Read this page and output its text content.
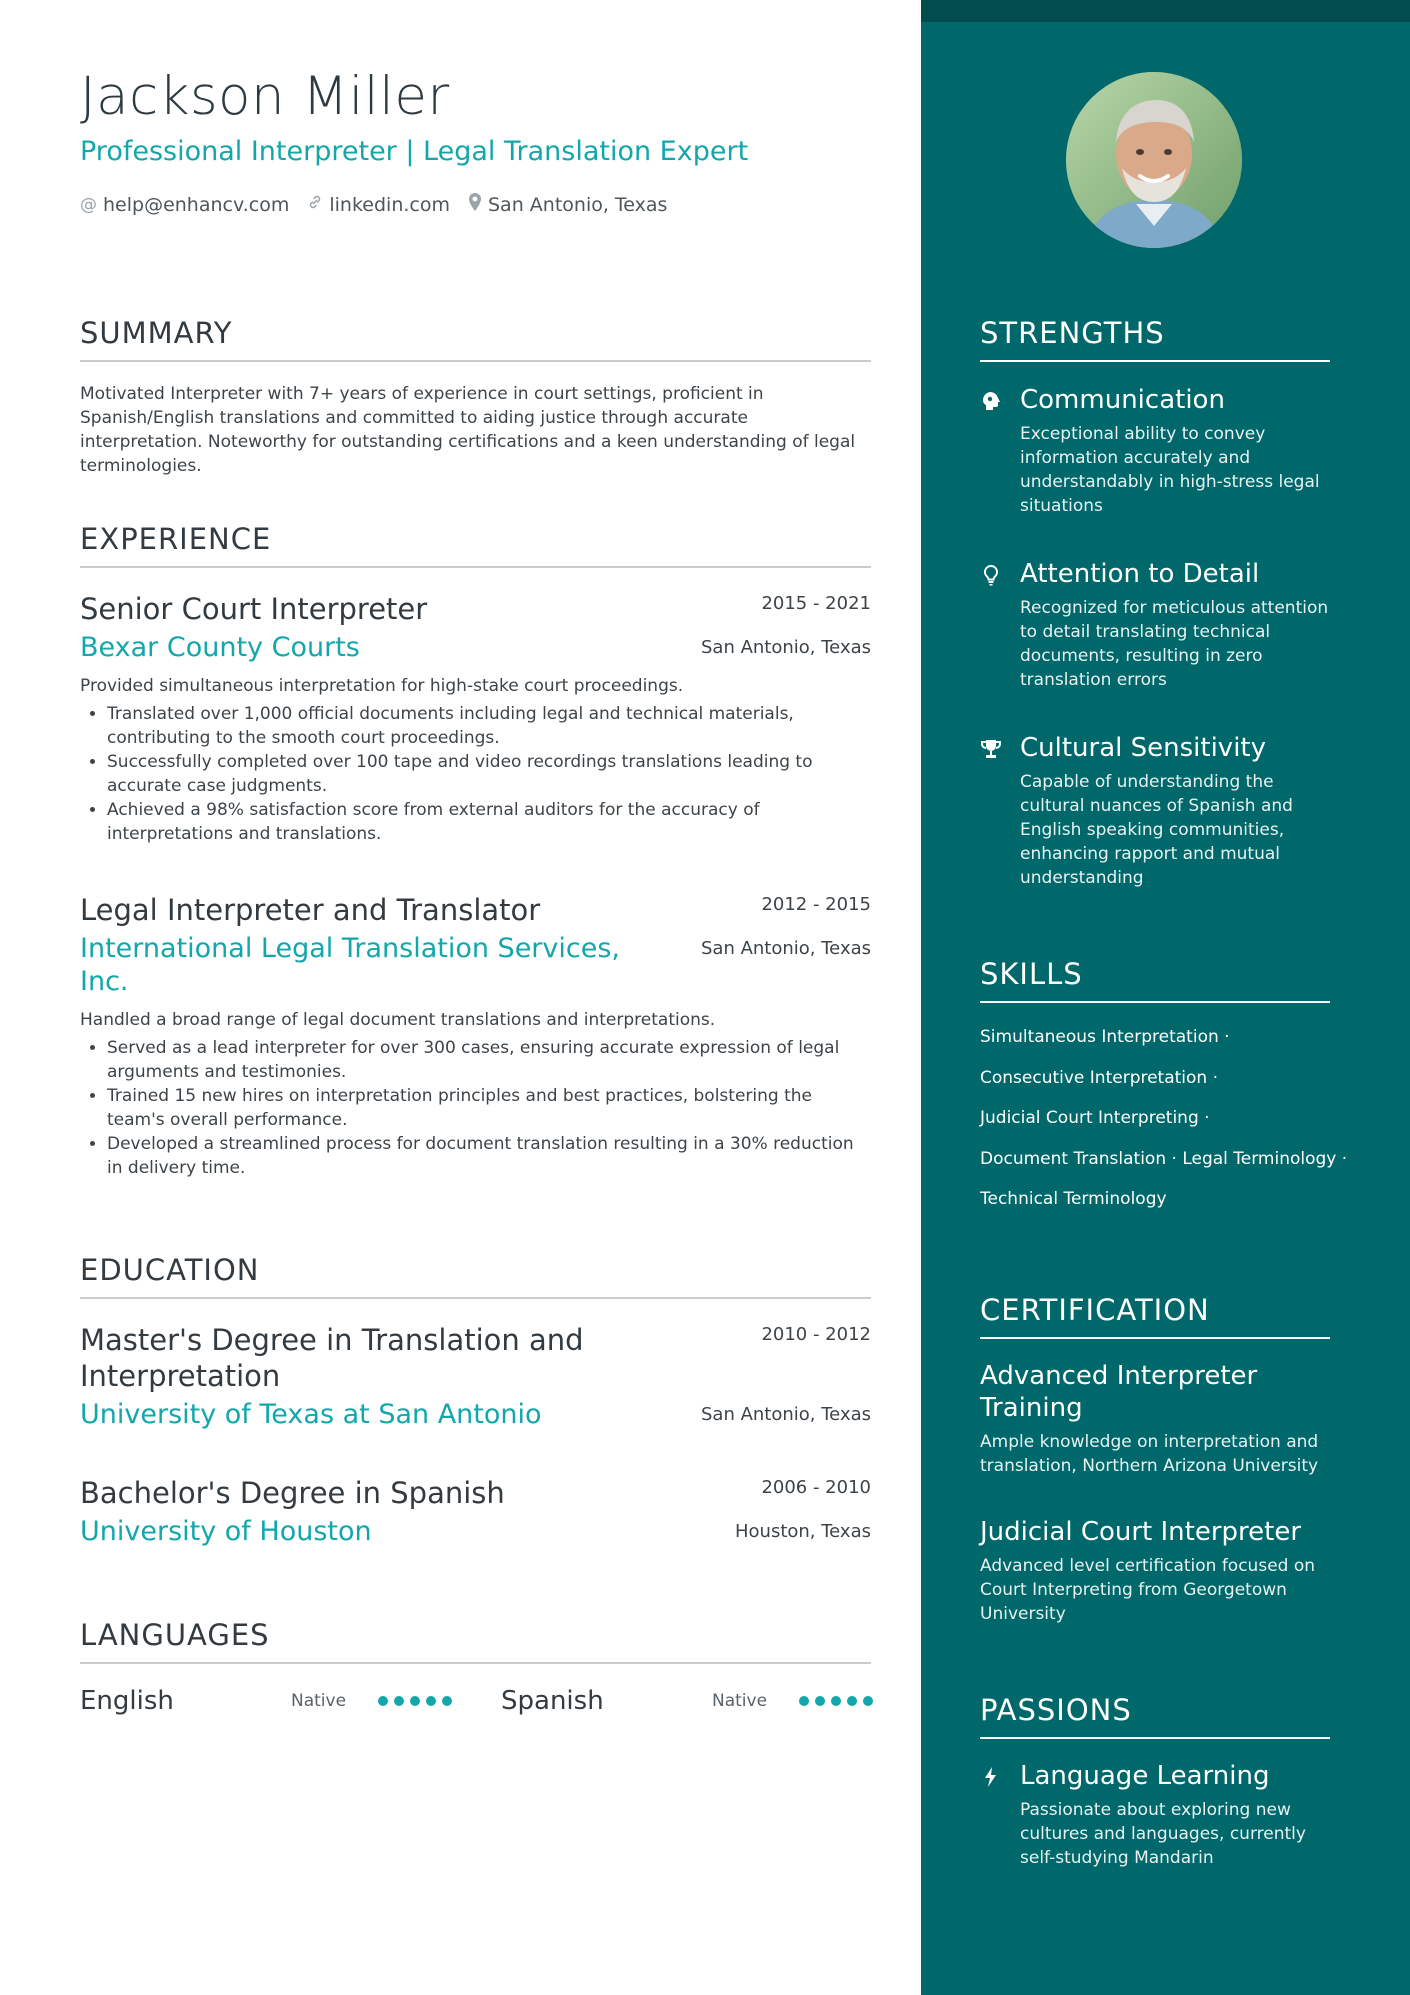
Jackson Miller
Professional Interpreter | Legal Translation Expert
@ help@enhancv.com linkedin.com San Antonio, Texas
SUMMARY
Motivated Interpreter with 7+ years of experience in court settings, proficient in Spanish/English translations and committed to aiding justice through accurate interpretation. Noteworthy for outstanding certifications and a keen understanding of legal terminologies.
EXPERIENCE
Senior Court Interpreter	2015 - 2021
Bexar County Courts	San Antonio, Texas
Provided simultaneous interpretation for high-stake court proceedings.
• Translated over 1,000 official documents including legal and technical materials, contributing to the smooth court proceedings.
• Successfully completed over 100 tape and video recordings translations leading to accurate case judgments.
• Achieved a 98% satisfaction score from external auditors for the accuracy of interpretations and translations.
Legal Interpreter and Translator	2012 - 2015
International Legal Translation Services, Inc.
San Antonio, Texas
Handled a broad range of legal document translations and interpretations.
• Served as a lead interpreter for over 300 cases, ensuring accurate expression of legal arguments and testimonies.
• Trained 15 new hires on interpretation principles and best practices, bolstering the team's overall performance.
• Developed a streamlined process for document translation resulting in a 30% reduction in delivery time.
EDUCATION
Master's Degree in Translation and Interpretation
2010 - 2012
University of Texas at San Antonio	San Antonio, Texas
Bachelor's Degree in Spanish	2006 - 2010
University of Houston	Houston, Texas
LANGUAGES
English	Native	Spanish	Native
STRENGTHS
Communication
Exceptional ability to convey information accurately and understandably in high-stress legal situations
Attention to Detail
Recognized for meticulous attention to detail translating technical documents, resulting in zero translation errors
Cultural Sensitivity
Capable of understanding the cultural nuances of Spanish and English speaking communities, enhancing rapport and mutual understanding
SKILLS
Simultaneous Interpretation ·
Consecutive Interpretation ·
Judicial Court Interpreting ·
Document Translation · Legal Terminology ·
Technical Terminology
CERTIFICATION
Advanced Interpreter Training
Ample knowledge on interpretation and translation, Northern Arizona University
Judicial Court Interpreter
Advanced level certification focused on Court Interpreting from Georgetown University
PASSIONS
Language Learning
Passionate about exploring new cultures and languages, currently self-studying Mandarin
